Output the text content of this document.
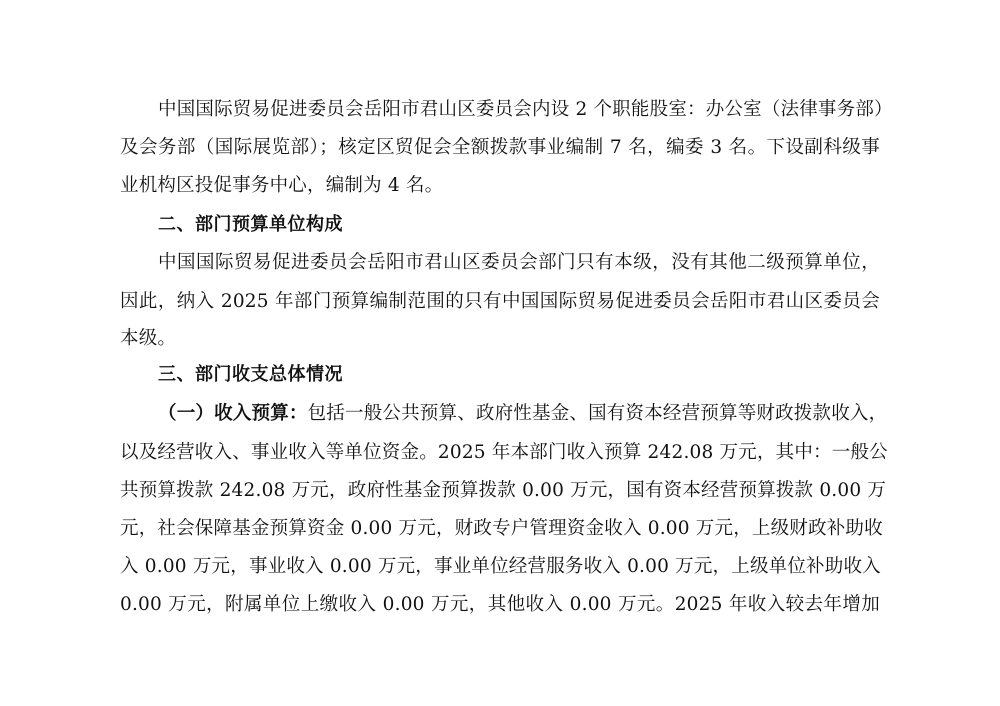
中国国际贸易促进委员会岳阳市君山区委员会内设 2 个职能股室：办公室（法律事务部）
及会务部（国际展览部）；核定区贸促会全额拨款事业编制 7 名，编委 3 名。下设副科级事
业机构区投促事务中心，编制为 4 名。
二、部门预算单位构成
中国国际贸易促进委员会岳阳市君山区委员会部门只有本级，没有其他二级预算单位，
因此，纳入 2025 年部门预算编制范围的只有中国国际贸易促进委员会岳阳市君山区委员会
本级。
三、部门收支总体情况
（一）收入预算：包括一般公共预算、政府性基金、国有资本经营预算等财政拨款收入，
以及经营收入、事业收入等单位资金。2025 年本部门收入预算 242.08 万元，其中：一般公
共预算拨款 242.08 万元，政府性基金预算拨款 0.00 万元，国有资本经营预算拨款 0.00 万
元，社会保障基金预算资金 0.00 万元，财政专户管理资金收入 0.00 万元，上级财政补助收
入 0.00 万元，事业收入 0.00 万元，事业单位经营服务收入 0.00 万元，上级单位补助收入
0.00 万元，附属单位上缴收入 0.00 万元，其他收入 0.00 万元。2025 年收入较去年增加
